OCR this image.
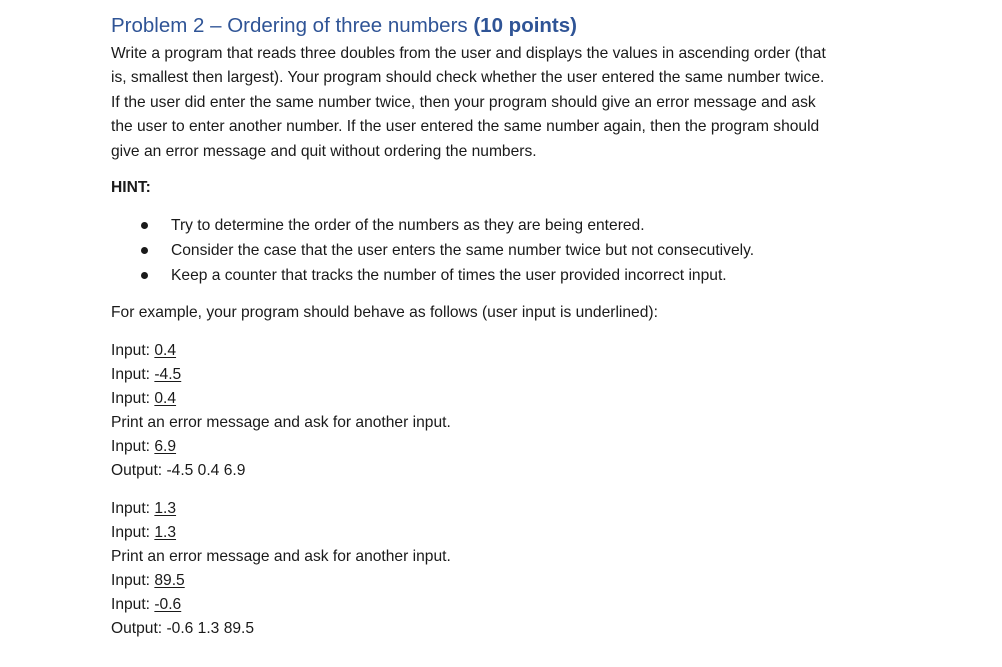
Problem 2 – Ordering of three numbers (10 points)
Write a program that reads three doubles from the user and displays the values in ascending order (that
is, smallest then largest). Your program should check whether the user entered the same number twice.
If the user did enter the same number twice, then your program should give an error message and ask
the user to enter another number. If the user entered the same number again, then the program should
give an error message and quit without ordering the numbers.
HINT:
Try to determine the order of the numbers as they are being entered.
Consider the case that the user enters the same number twice but not consecutively.
Keep a counter that tracks the number of times the user provided incorrect input.
For example, your program should behave as follows (user input is underlined):
Input: 0.4
Input: -4.5
Input: 0.4
Print an error message and ask for another input.
Input: 6.9
Output: -4.5 0.4 6.9
Input: 1.3
Input: 1.3
Print an error message and ask for another input.
Input: 89.5
Input: -0.6
Output: -0.6 1.3 89.5
